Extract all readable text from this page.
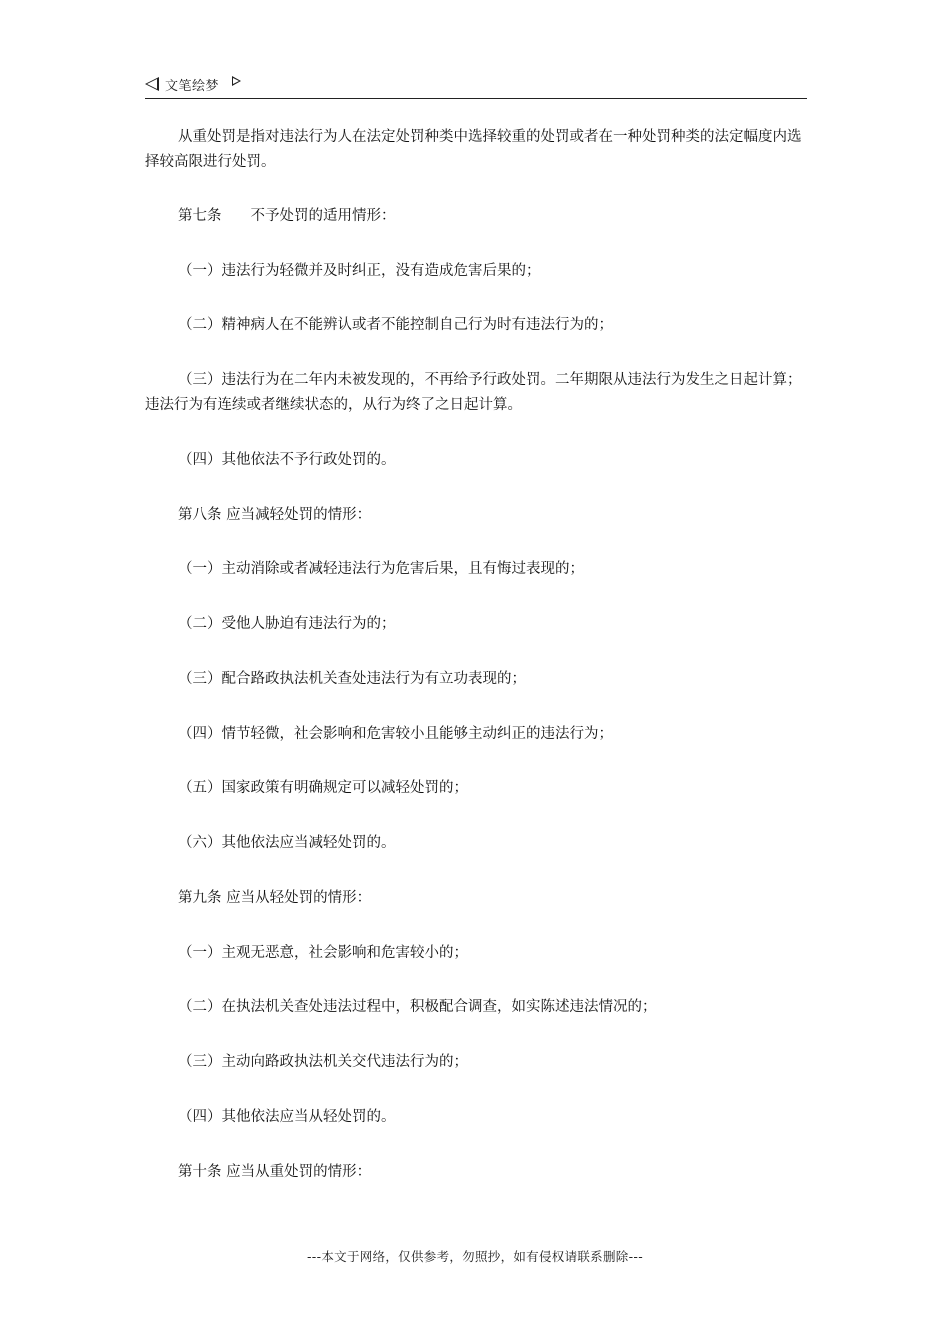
文笔绘梦

从重处罚是指对违法行为人在法定处罚种类中选择较重的处罚或者在一种处罚种类的法定幅度内选择较高限进行处罚。

第七条　　不予处罚的适用情形：

（一）违法行为轻微并及时纠正，没有造成危害后果的；

（二）精神病人在不能辨认或者不能控制自己行为时有违法行为的；

（三）违法行为在二年内未被发现的，不再给予行政处罚。二年期限从违法行为发生之日起计算；违法行为有连续或者继续状态的，从行为终了之日起计算。

（四）其他依法不予行政处罚的。

第八条 应当减轻处罚的情形：

（一）主动消除或者减轻违法行为危害后果，且有悔过表现的；

（二）受他人胁迫有违法行为的；

（三）配合路政执法机关查处违法行为有立功表现的；

（四）情节轻微，社会影响和危害较小且能够主动纠正的违法行为；

（五）国家政策有明确规定可以减轻处罚的；

（六）其他依法应当减轻处罚的。

第九条 应当从轻处罚的情形：

（一）主观无恶意，社会影响和危害较小的；

（二）在执法机关查处违法过程中，积极配合调查，如实陈述违法情况的；

（三）主动向路政执法机关交代违法行为的；

（四）其他依法应当从轻处罚的。

第十条 应当从重处罚的情形：

---本文于网络，仅供参考，勿照抄，如有侵权请联系删除---
